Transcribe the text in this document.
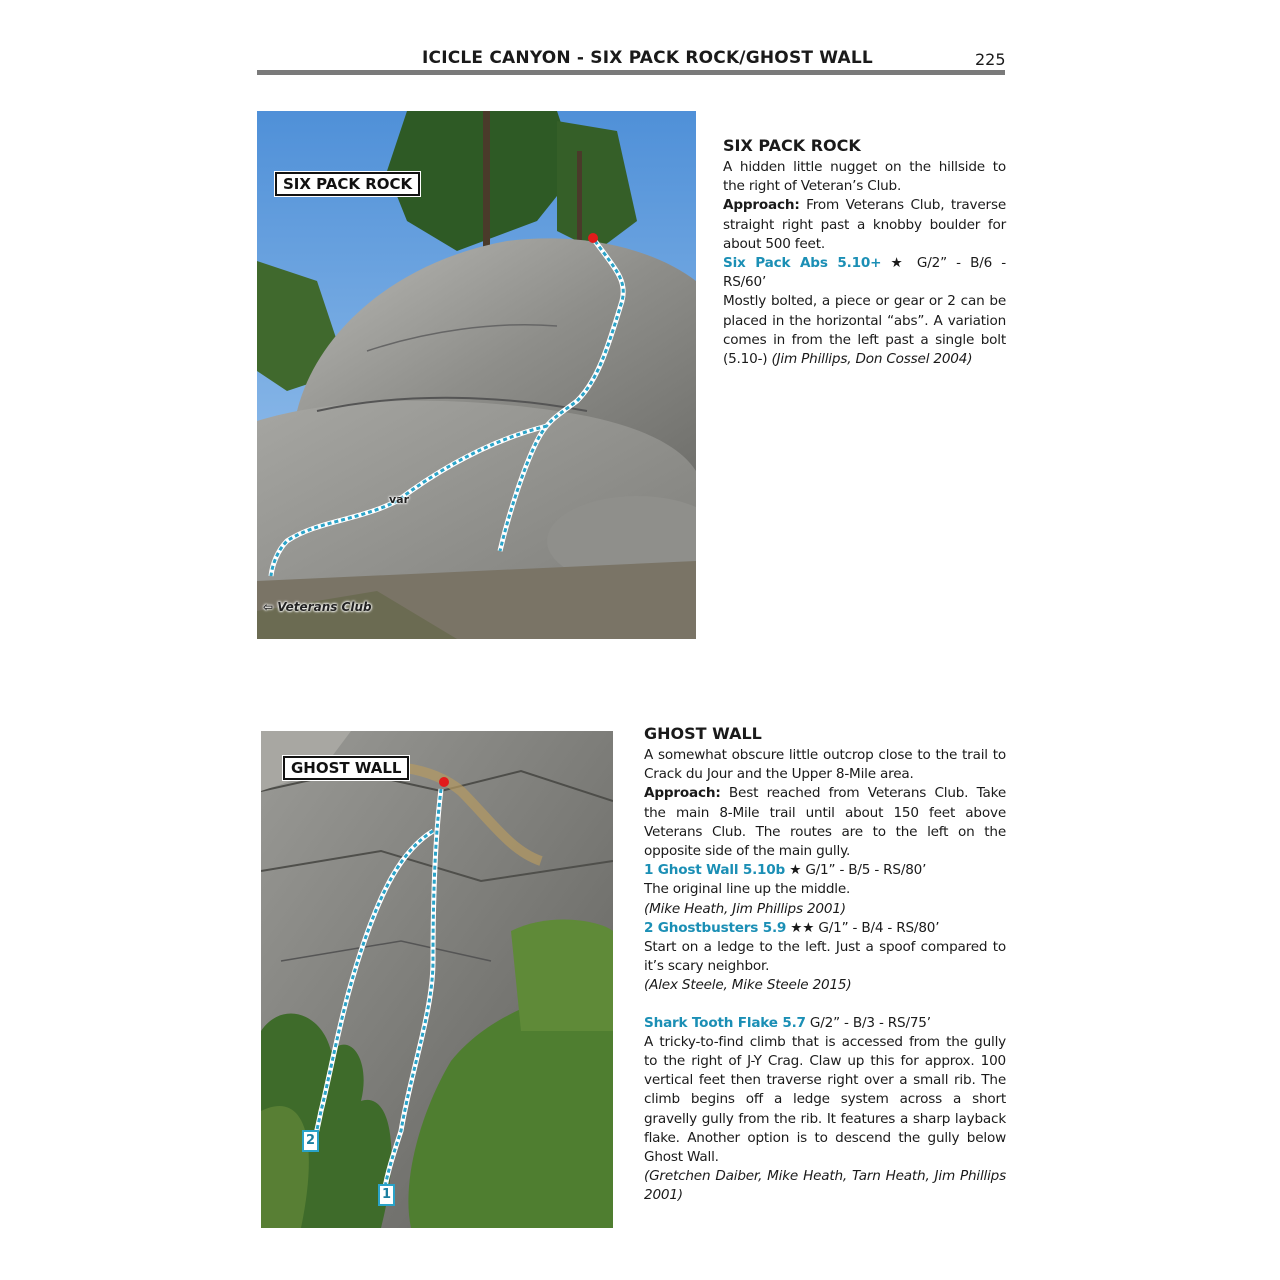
ICICLE CANYON - SIX PACK ROCK/GHOST WALL	225
SIX PACK ROCK
var
⇦ Veterans Club
SIX PACK ROCK

A hidden little nugget on the hillside to the right of Veteran’s Club.

Approach: From Veterans Club, traverse straight right past a knobby boulder for about 500 feet.

Six Pack Abs 5.10+ ★ G/2” - B/6 - RS/60’

Mostly bolted, a piece or gear or 2 can be placed in the horizontal “abs”. A variation comes in from the left past a single bolt (5.10-) (Jim Phillips, Don Cossel 2004)

GHOST WALL
2
1
GHOST WALL

A somewhat obscure little outcrop close to the trail to Crack du Jour and the Upper 8-Mile area.

Approach: Best reached from Veterans Club. Take the main 8-Mile trail until about 150 feet above Veterans Club. The routes are to the left on the opposite side of the main gully.

1 Ghost Wall 5.10b ★ G/1” - B/5 - RS/80’

The original line up the middle.

(Mike Heath, Jim Phillips 2001)

2 Ghostbusters 5.9 ★★ G/1” - B/4 - RS/80’

Start on a ledge to the left. Just a spoof compared to it’s scary neighbor.

(Alex Steele, Mike Steele 2015)

Shark Tooth Flake 5.7 G/2” - B/3 - RS/75’

A tricky-to-find climb that is accessed from the gully to the right of J-Y Crag. Claw up this for approx. 100 vertical feet then traverse right over a small rib. The climb begins off a ledge system across a short gravelly gully from the rib. It features a sharp layback flake. Another option is to descend the gully below Ghost Wall.

(Gretchen Daiber, Mike Heath, Tarn Heath, Jim Phillips 2001)
